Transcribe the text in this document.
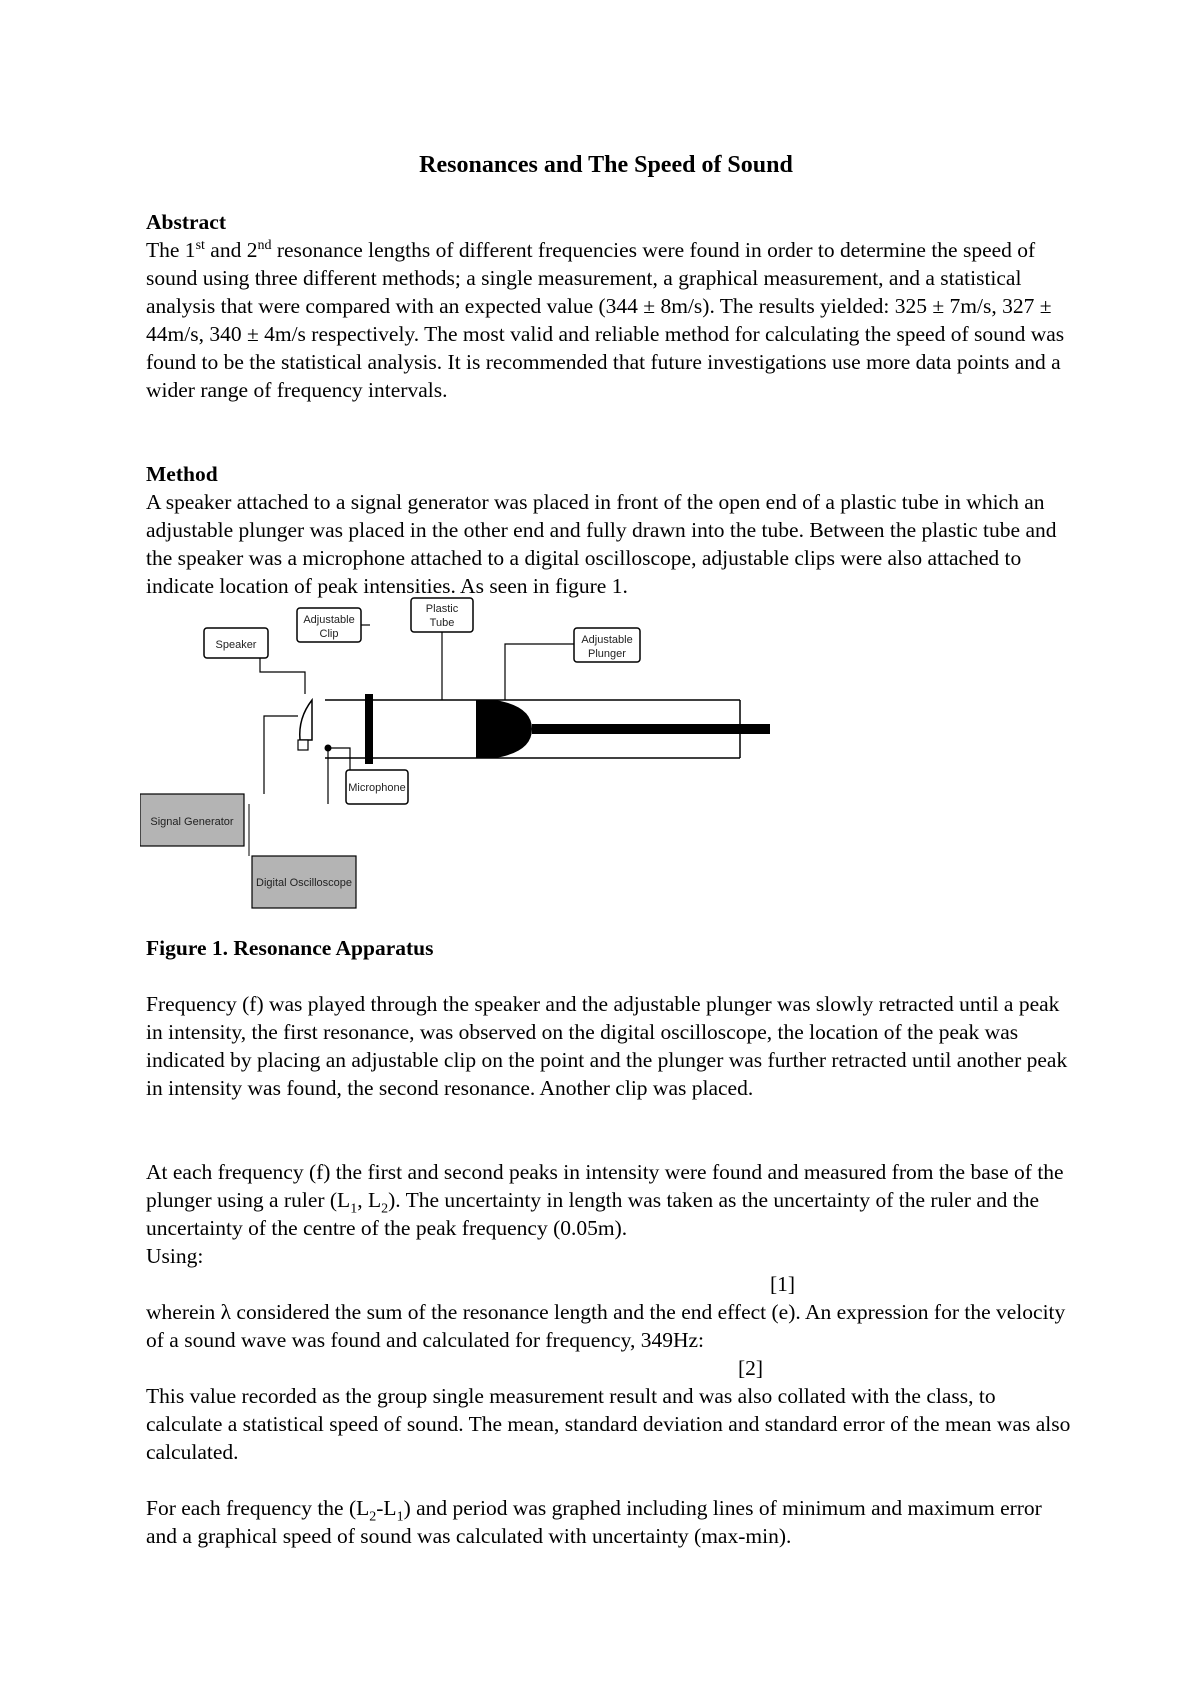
Resonances and The Speed of Sound
Abstract
The 1st and 2nd resonance lengths of different frequencies were found in order to determine the speed of sound using three different methods; a single measurement, a graphical measurement, and a statistical analysis that were compared with an expected value (344 ± 8m/s). The results yielded: 325 ± 7m/s, 327 ± 44m/s, 340 ± 4m/s respectively. The most valid and reliable method for calculating the speed of sound was found to be the statistical analysis. It is recommended that future investigations use more data points and a wider range of frequency intervals.
Method
A speaker attached to a signal generator was placed in front of the open end of a plastic tube in which an adjustable plunger was placed in the other end and fully drawn into the tube. Between the plastic tube and the speaker was a microphone attached to a digital oscilloscope, adjustable clips were also attached to indicate location of peak intensities. As seen in figure 1.
Speaker
Adjustable
Clip
Plastic
Tube
Adjustable
Plunger
Microphone
Signal Generator
Digital Oscilloscope

Figure 1. Resonance Apparatus

Frequency (f) was played through the speaker and the adjustable plunger was slowly retracted until a peak in intensity, the first resonance, was observed on the digital oscilloscope, the location of the peak was indicated by placing an adjustable clip on the point and the plunger was further retracted until another peak in intensity was found, the second resonance. Another clip was placed.
At each frequency (f) the first and second peaks in intensity were found and measured from the base of the plunger using a ruler ($L_1$, $L_2$). The uncertainty in length was taken as the uncertainty of the ruler and the uncertainty of the centre of the peak frequency (0.05m).
Using:
[1]
wherein λ considered the sum of the resonance length and the end effect (e). An expression for the velocity of a sound wave was found and calculated for frequency, 349Hz:
[2]
This value recorded as the group single measurement result and was also collated with the class, to calculate a statistical speed of sound. The mean, standard deviation and standard error of the mean was also calculated.
For each frequency the $(L_2-L_1)$ and period was graphed including lines of minimum and maximum error and a graphical speed of sound was calculated with uncertainty (max-min).
